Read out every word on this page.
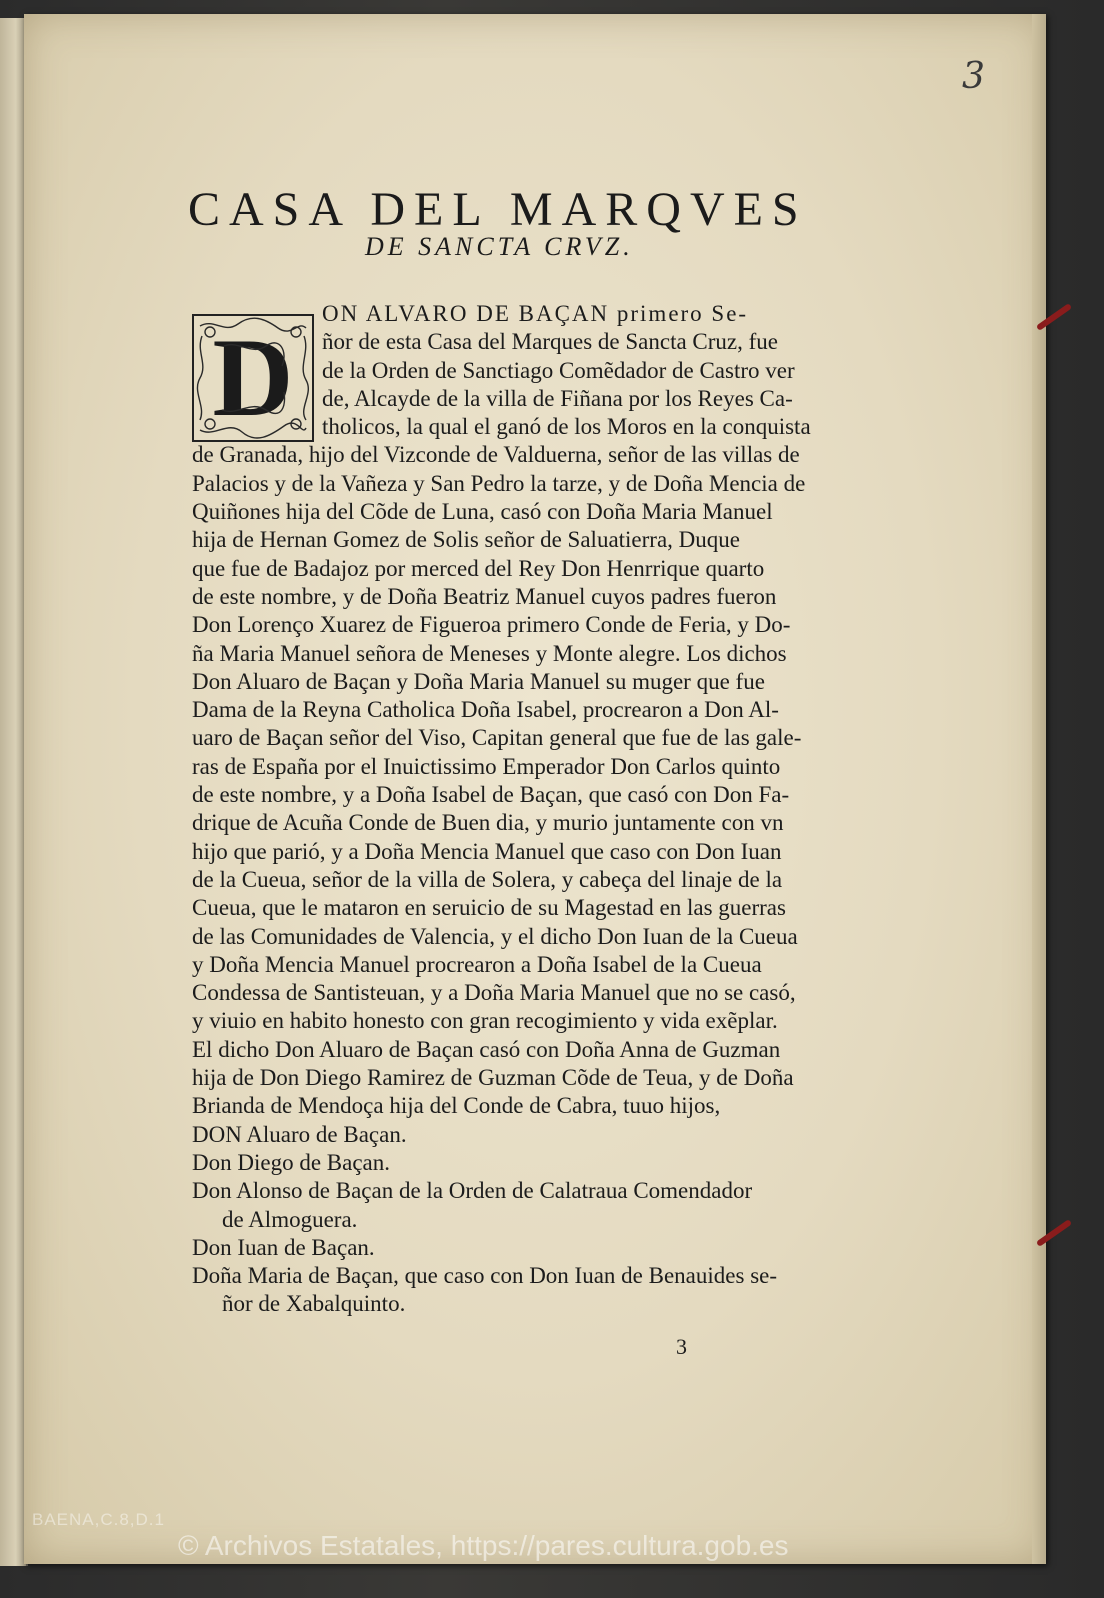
3
CASA DEL MARQVES
DE SANCTA CRVZ.
D
ON ALVARO DE BAÇAN primero Se-
ñor de esta Casa del Marques de Sancta Cruz, fue
de la Orden de Sanctiago Comẽdador de Castro ver
de, Alcayde de la villa de Fiñana por los Reyes Ca-
tholicos, la qual el ganó de los Moros en la conquista
de Granada, hijo del Vizconde de Valduerna, señor de las villas de
Palacios y de la Vañeza y San Pedro la tarze, y de Doña Mencia de
Quiñones hija del Cõde de Luna, casó con Doña Maria Manuel
hija de Hernan Gomez de Solis señor de Saluatierra, Duque
que fue de Badajoz por merced del Rey Don Henrrique quarto
de este nombre, y de Doña Beatriz Manuel cuyos padres fueron
Don Lorenço Xuarez de Figueroa primero Conde de Feria, y Do-
ña Maria Manuel señora de Meneses y Monte alegre. Los dichos
Don Aluaro de Baçan y Doña Maria Manuel su muger que fue
Dama de la Reyna Catholica Doña Isabel, procrearon a Don Al-
uaro de Baçan señor del Viso, Capitan general que fue de las gale-
ras de España por el Inuictissimo Emperador Don Carlos quinto
de este nombre, y a Doña Isabel de Baçan, que casó con Don Fa-
drique de Acuña Conde de Buen dia, y murio juntamente con vn
hijo que parió, y a Doña Mencia Manuel que caso con Don Iuan
de la Cueua, señor de la villa de Solera, y cabeça del linaje de la
Cueua, que le mataron en seruicio de su Magestad en las guerras
de las Comunidades de Valencia, y el dicho Don Iuan de la Cueua
y Doña Mencia Manuel procrearon a Doña Isabel de la Cueua
Condessa de Santisteuan, y a Doña Maria Manuel que no se casó,
y viuio en habito honesto con gran recogimiento y vida exẽplar.
El dicho Don Aluaro de Baçan casó con Doña Anna de Guzman
hija de Don Diego Ramirez de Guzman Cõde de Teua, y de Doña
Brianda de Mendoça hija del Conde de Cabra, tuuo hijos,
DON Aluaro de Baçan.
Don Diego de Baçan.
Don Alonso de Baçan de la Orden de Calatraua Comendador
de Almoguera.
Don Iuan de Baçan.
Doña Maria de Baçan, que caso con Don Iuan de Benauides se-
ñor de Xabalquinto.
3
BAENA,C.8,D.1
© Archivos Estatales, https://pares.cultura.gob.es
